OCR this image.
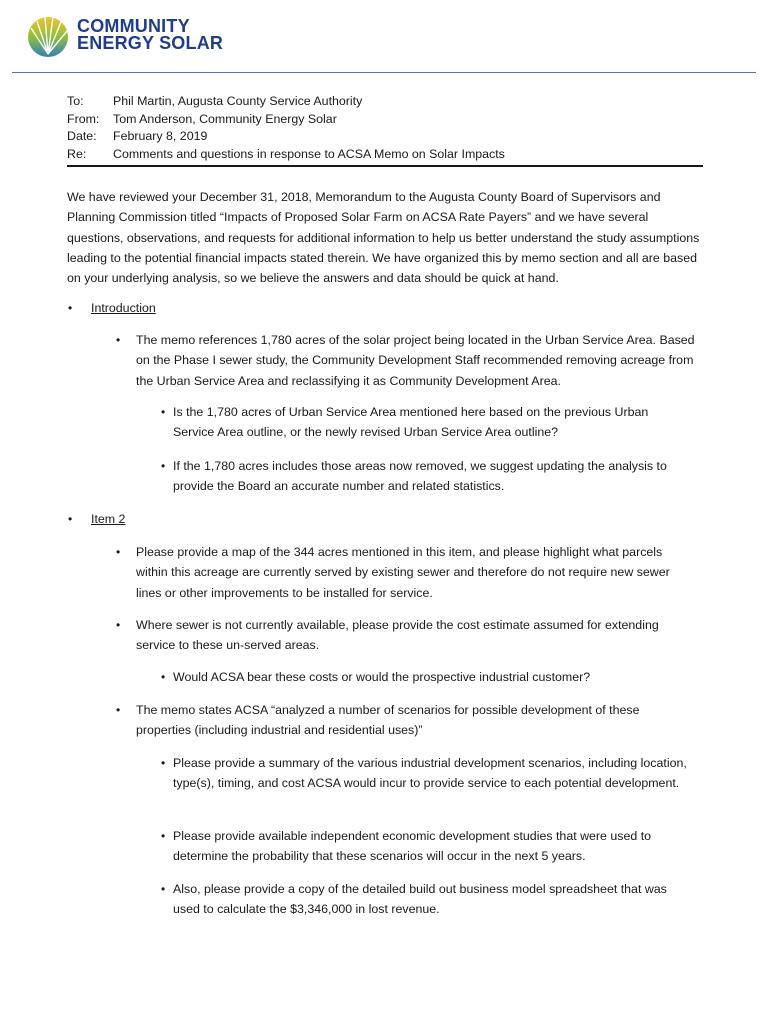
COMMUNITY
ENERGY SOLAR
To:	Phil Martin, Augusta County Service Authority
From:	Tom Anderson, Community Energy Solar
Date:	February 8, 2019
Re:	Comments and questions in response to ACSA Memo on Solar Impacts
We have reviewed your December 31, 2018, Memorandum to the Augusta County Board of Supervisors and Planning Commission titled “Impacts of Proposed Solar Farm on ACSA Rate Payers” and we have several questions, observations, and requests for additional information to help us better understand the study assumptions leading to the potential financial impacts stated therein. We have organized this by memo section and all are based on your underlying analysis, so we believe the answers and data should be quick at hand.
• Introduction
• The memo references 1,780 acres of the solar project being located in the Urban Service Area. Based on the Phase I sewer study, the Community Development Staff recommended removing acreage from the Urban Service Area and reclassifying it as Community Development Area.
• Is the 1,780 acres of Urban Service Area mentioned here based on the previous Urban Service Area outline, or the newly revised Urban Service Area outline?
• If the 1,780 acres includes those areas now removed, we suggest updating the analysis to provide the Board an accurate number and related statistics.
• Item 2
• Please provide a map of the 344 acres mentioned in this item, and please highlight what parcels within this acreage are currently served by existing sewer and therefore do not require new sewer lines or other improvements to be installed for service.
• Where sewer is not currently available, please provide the cost estimate assumed for extending service to these un-served areas.
• Would ACSA bear these costs or would the prospective industrial customer?
• The memo states ACSA “analyzed a number of scenarios for possible development of these properties (including industrial and residential uses)”
• Please provide a summary of the various industrial development scenarios, including location, type(s), timing, and cost ACSA would incur to provide service to each potential development.
• Please provide available independent economic development studies that were used to determine the probability that these scenarios will occur in the next 5 years.
• Also, please provide a copy of the detailed build out business model spreadsheet that was used to calculate the $3,346,000 in lost revenue.
